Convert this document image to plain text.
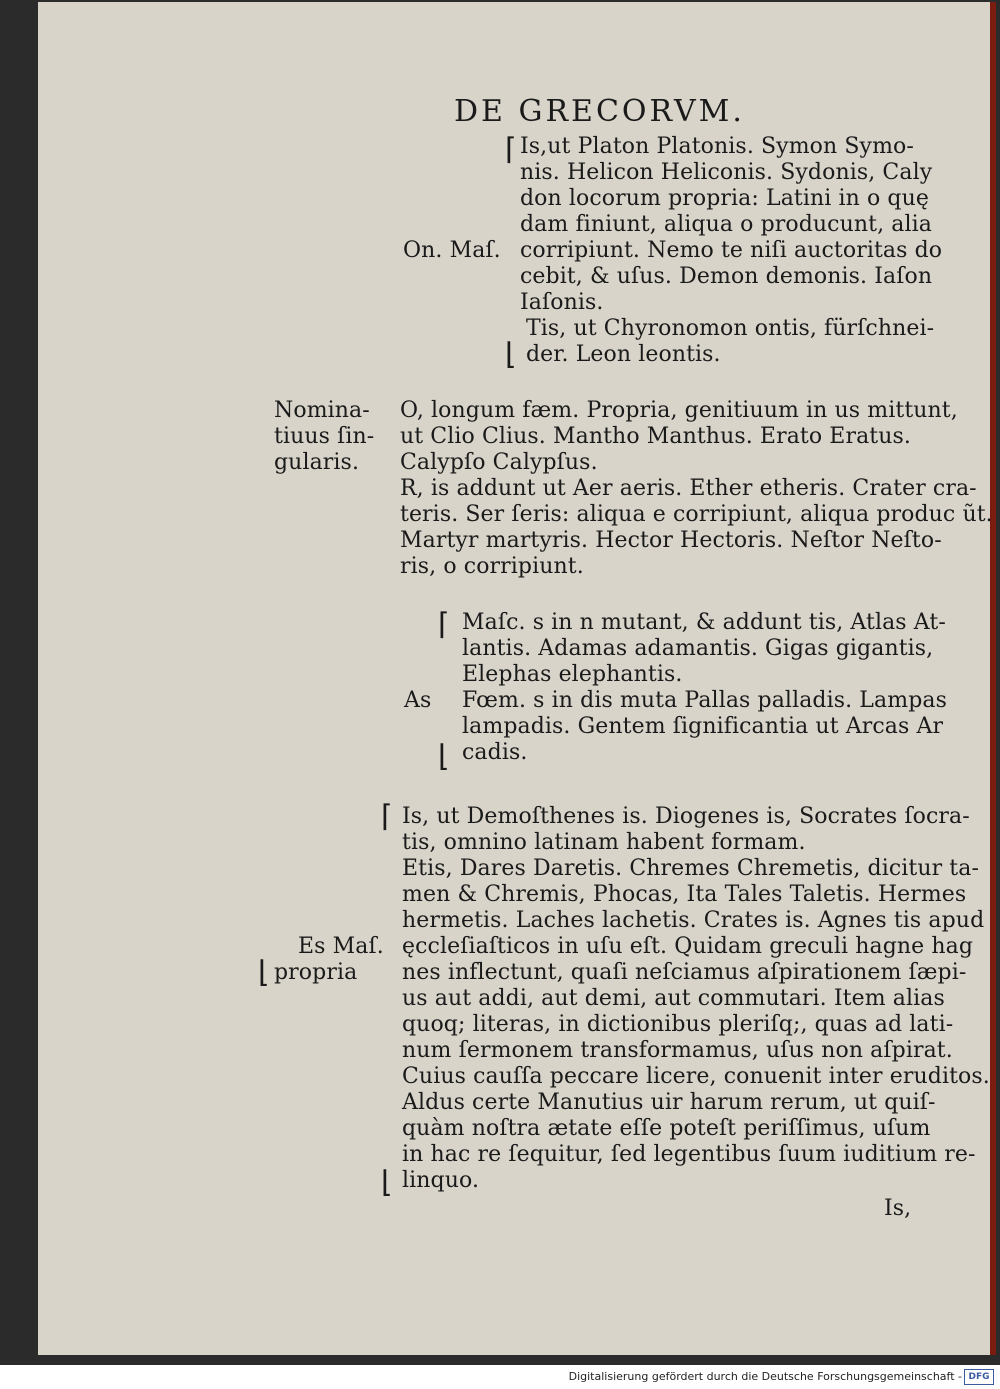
DE GRECORVM.
⌈
⌊
On. Maſ.
Is,ut Platon Platonis. Symon Symo-
nis. Helicon Heliconis. Sydonis, Caly
don locorum propria: Latini in o quę
dam finiunt, aliqua o producunt, alia
corripiunt. Nemo te niſi auctoritas do
cebit, & uſus. Demon demonis. Iaſon
Iaſonis.
Tis, ut Chyronomon ontis, fürſchnei-
der. Leon leontis.
Nomina-
tiuus ſin-
gularis.
O, longum fæm. Propria, genitiuum in us mittunt,
ut Clio Clius. Mantho Manthus. Erato Eratus.
Calypſo Calypſus.
R, is addunt ut Aer aeris. Ether etheris. Crater cra-
teris. Ser ſeris: aliqua e corripiunt, aliqua produc ũt.
Martyr martyris. Hector Hectoris. Neſtor Neſto-
ris, o corripiunt.
⌈
⌊
As
Maſc. s in n mutant, & addunt tis, Atlas At-
lantis. Adamas adamantis. Gigas gigantis,
Elephas elephantis.
Fœm. s in dis muta Pallas palladis. Lampas
lampadis. Gentem ſignificantia ut Arcas Ar
cadis.
⌈
⌊
⌊
Es Maſ.
propria
Is, ut Demoſthenes is. Diogenes is, Socrates ſocra-
tis, omnino latinam habent formam.
Etis, Dares Daretis. Chremes Chremetis, dicitur ta-
men & Chremis, Phocas, Ita Tales Taletis. Hermes
hermetis. Laches lachetis. Crates is. Agnes tis apud
ęccleſiaſticos in uſu eſt. Quidam greculi hagne hag
nes inflectunt, quaſi neſciamus aſpirationem ſæpi-
us aut addi, aut demi, aut commutari. Item alias
quoq; literas, in dictionibus pleriſq;, quas ad lati-
num ſermonem transformamus, uſus non aſpirat.
Cuius cauſſa peccare licere, conuenit inter eruditos.
Aldus certe Manutius uir harum rerum, ut quiſ-
quàm noſtra ætate eſſe poteſt periſſimus, uſum
in hac re ſequitur, ſed legentibus ſuum iuditium re-
linquo.
Is,
Digitalisierung gefördert durch die Deutsche Forschungsgemeinschaft - DFG
